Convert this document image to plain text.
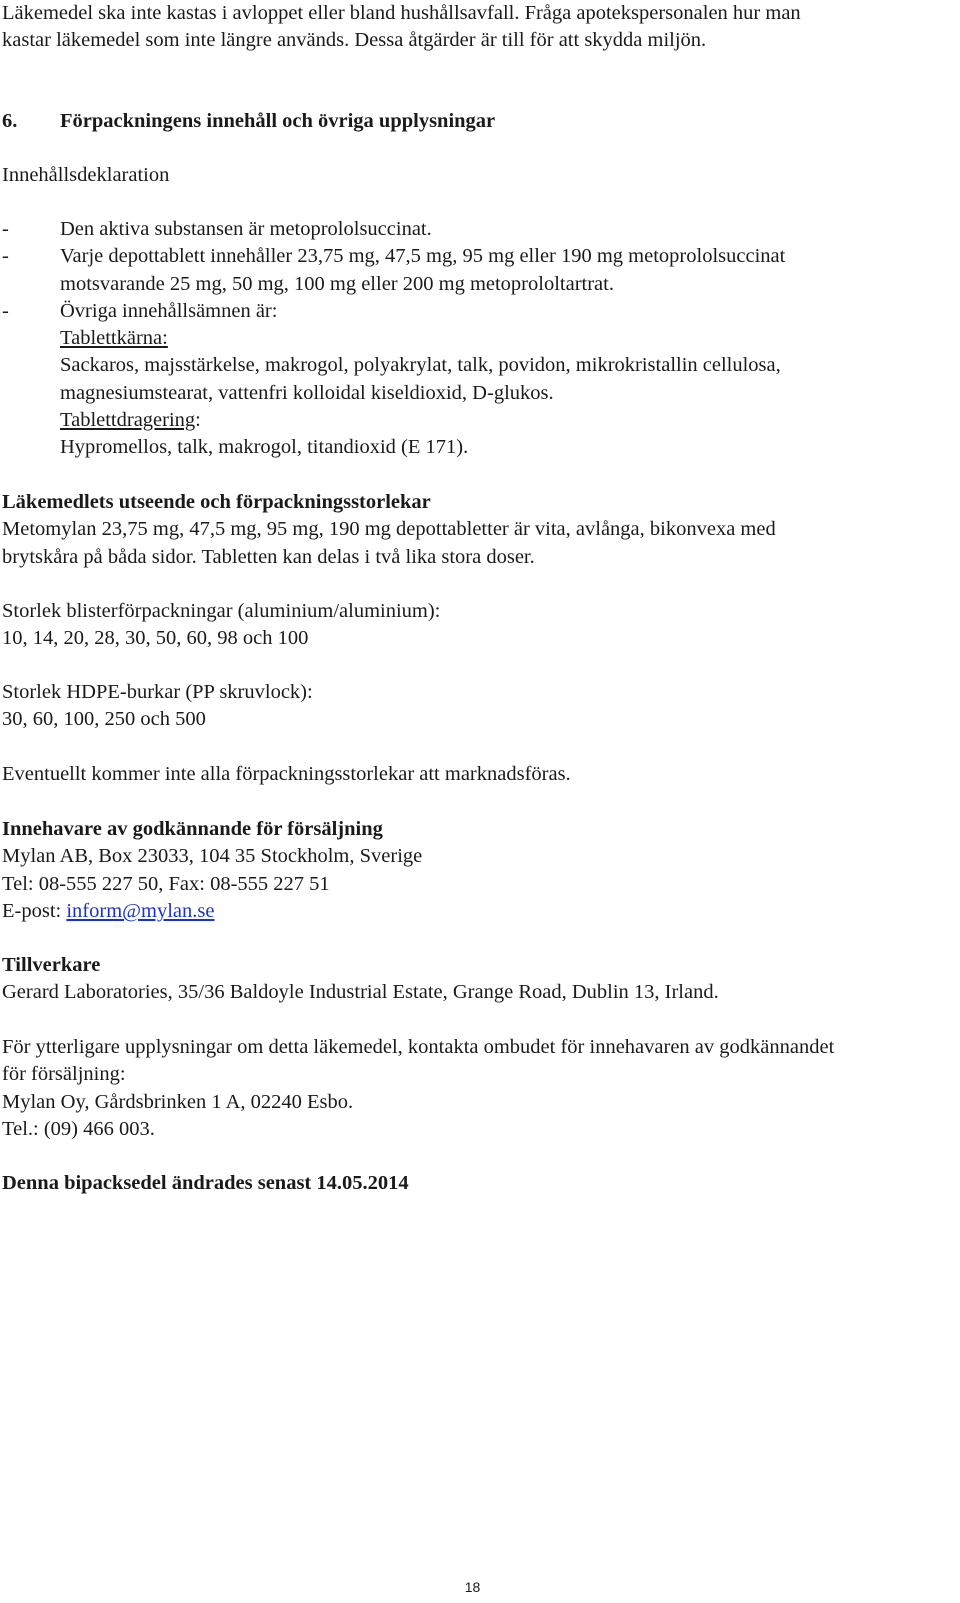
Läkemedel ska inte kastas i avloppet eller bland hushållsavfall. Fråga apotekspersonalen hur man

kastar läkemedel som inte längre används. Dessa åtgärder är till för att skydda miljön.

6. Förpackningens innehåll och övriga upplysningar

Innehållsdeklaration

- Den aktiva substansen är metoprololsuccinat.
- Varje depottablett innehåller 23,75 mg, 47,5 mg, 95 mg eller 190 mg metoprololsuccinat

motsvarande 25 mg, 50 mg, 100 mg eller 200 mg metoprololtartrat.

- Övriga innehållsämnen är:

Tablettkärna:

Sackaros, majsstärkelse, makrogol, polyakrylat, talk, povidon, mikrokristallin cellulosa,

magnesiumstearat, vattenfri kolloidal kiseldioxid, D-glukos.

Tablettdragering:

Hypromellos, talk, makrogol, titandioxid (E 171).

Läkemedlets utseende och förpackningsstorlekar

Metomylan 23,75 mg, 47,5 mg, 95 mg, 190 mg depottabletter är vita, avlånga, bikonvexa med

brytskåra på båda sidor. Tabletten kan delas i två lika stora doser.

Storlek blisterförpackningar (aluminium/aluminium):

10, 14, 20, 28, 30, 50, 60, 98 och 100

Storlek HDPE-burkar (PP skruvlock):

30, 60, 100, 250 och 500

Eventuellt kommer inte alla förpackningsstorlekar att marknadsföras.

Innehavare av godkännande för försäljning

Mylan AB, Box 23033, 104 35 Stockholm, Sverige

Tel: 08-555 227 50, Fax: 08-555 227 51

E-post: inform@mylan.se

Tillverkare

Gerard Laboratories, 35/36 Baldoyle Industrial Estate, Grange Road, Dublin 13, Irland.

För ytterligare upplysningar om detta läkemedel, kontakta ombudet för innehavaren av godkännandet

för försäljning:

Mylan Oy, Gårdsbrinken 1 A, 02240 Esbo.

Tel.: (09) 466 003.

Denna bipacksedel ändrades senast 14.05.2014

18
